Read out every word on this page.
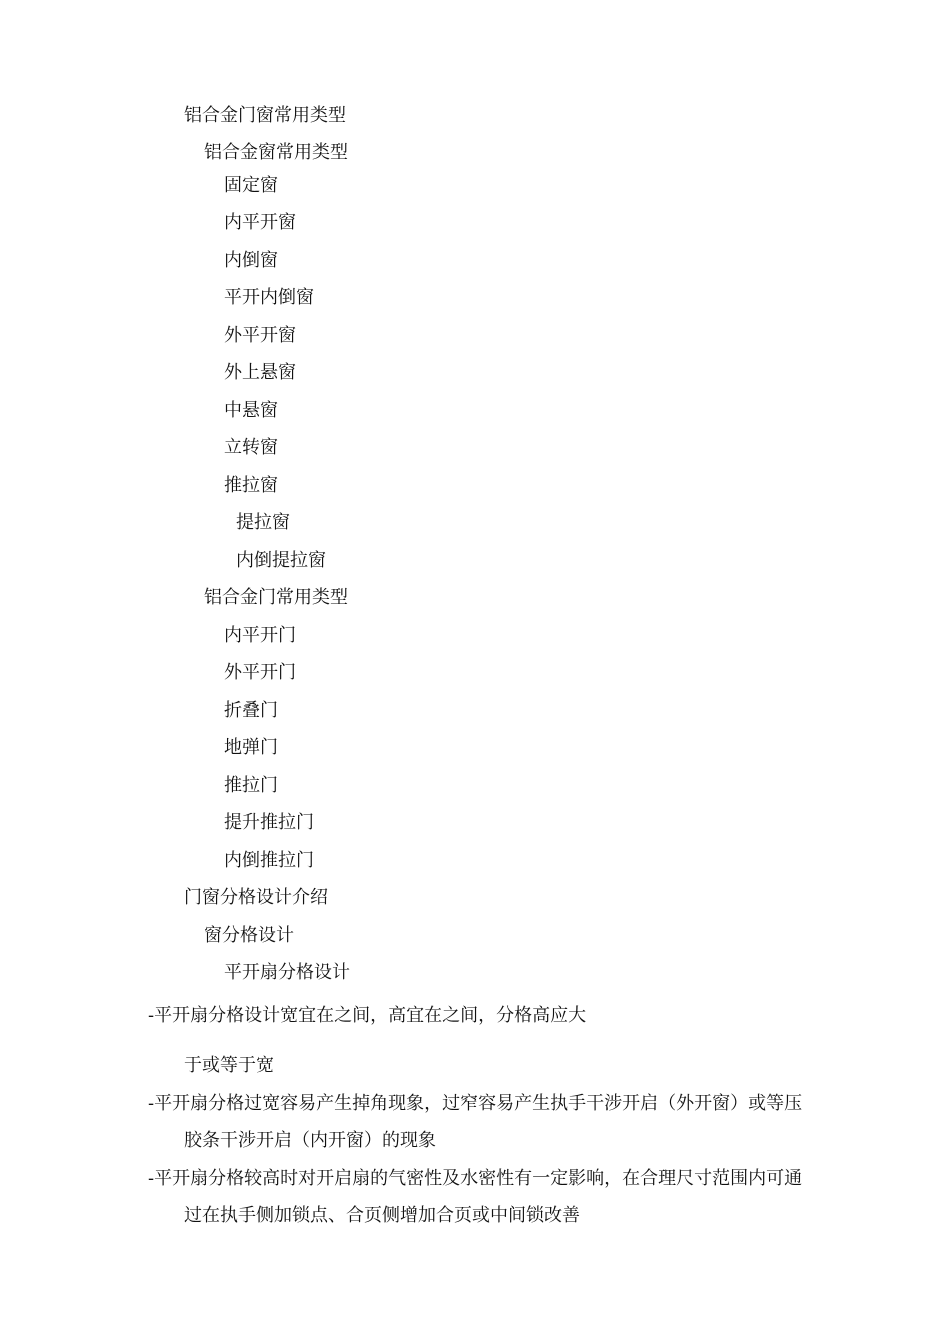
铝合金门窗常用类型
铝合金窗常用类型
固定窗
内平开窗
内倒窗
平开内倒窗
外平开窗
外上悬窗
中悬窗
立转窗
推拉窗
提拉窗
内倒提拉窗
铝合金门常用类型
内平开门
外平开门
折叠门
地弹门
推拉门
提升推拉门
内倒推拉门
门窗分格设计介绍
窗分格设计
平开扇分格设计
-平开扇分格设计宽宜在之间，高宜在之间，分格高应大
于或等于宽
-平开扇分格过宽容易产生掉角现象，过窄容易产生执手干涉开启（外开窗）或等压
胶条干涉开启（内开窗）的现象
-平开扇分格较高时对开启扇的气密性及水密性有一定影响，在合理尺寸范围内可通
过在执手侧加锁点、合页侧增加合页或中间锁改善
